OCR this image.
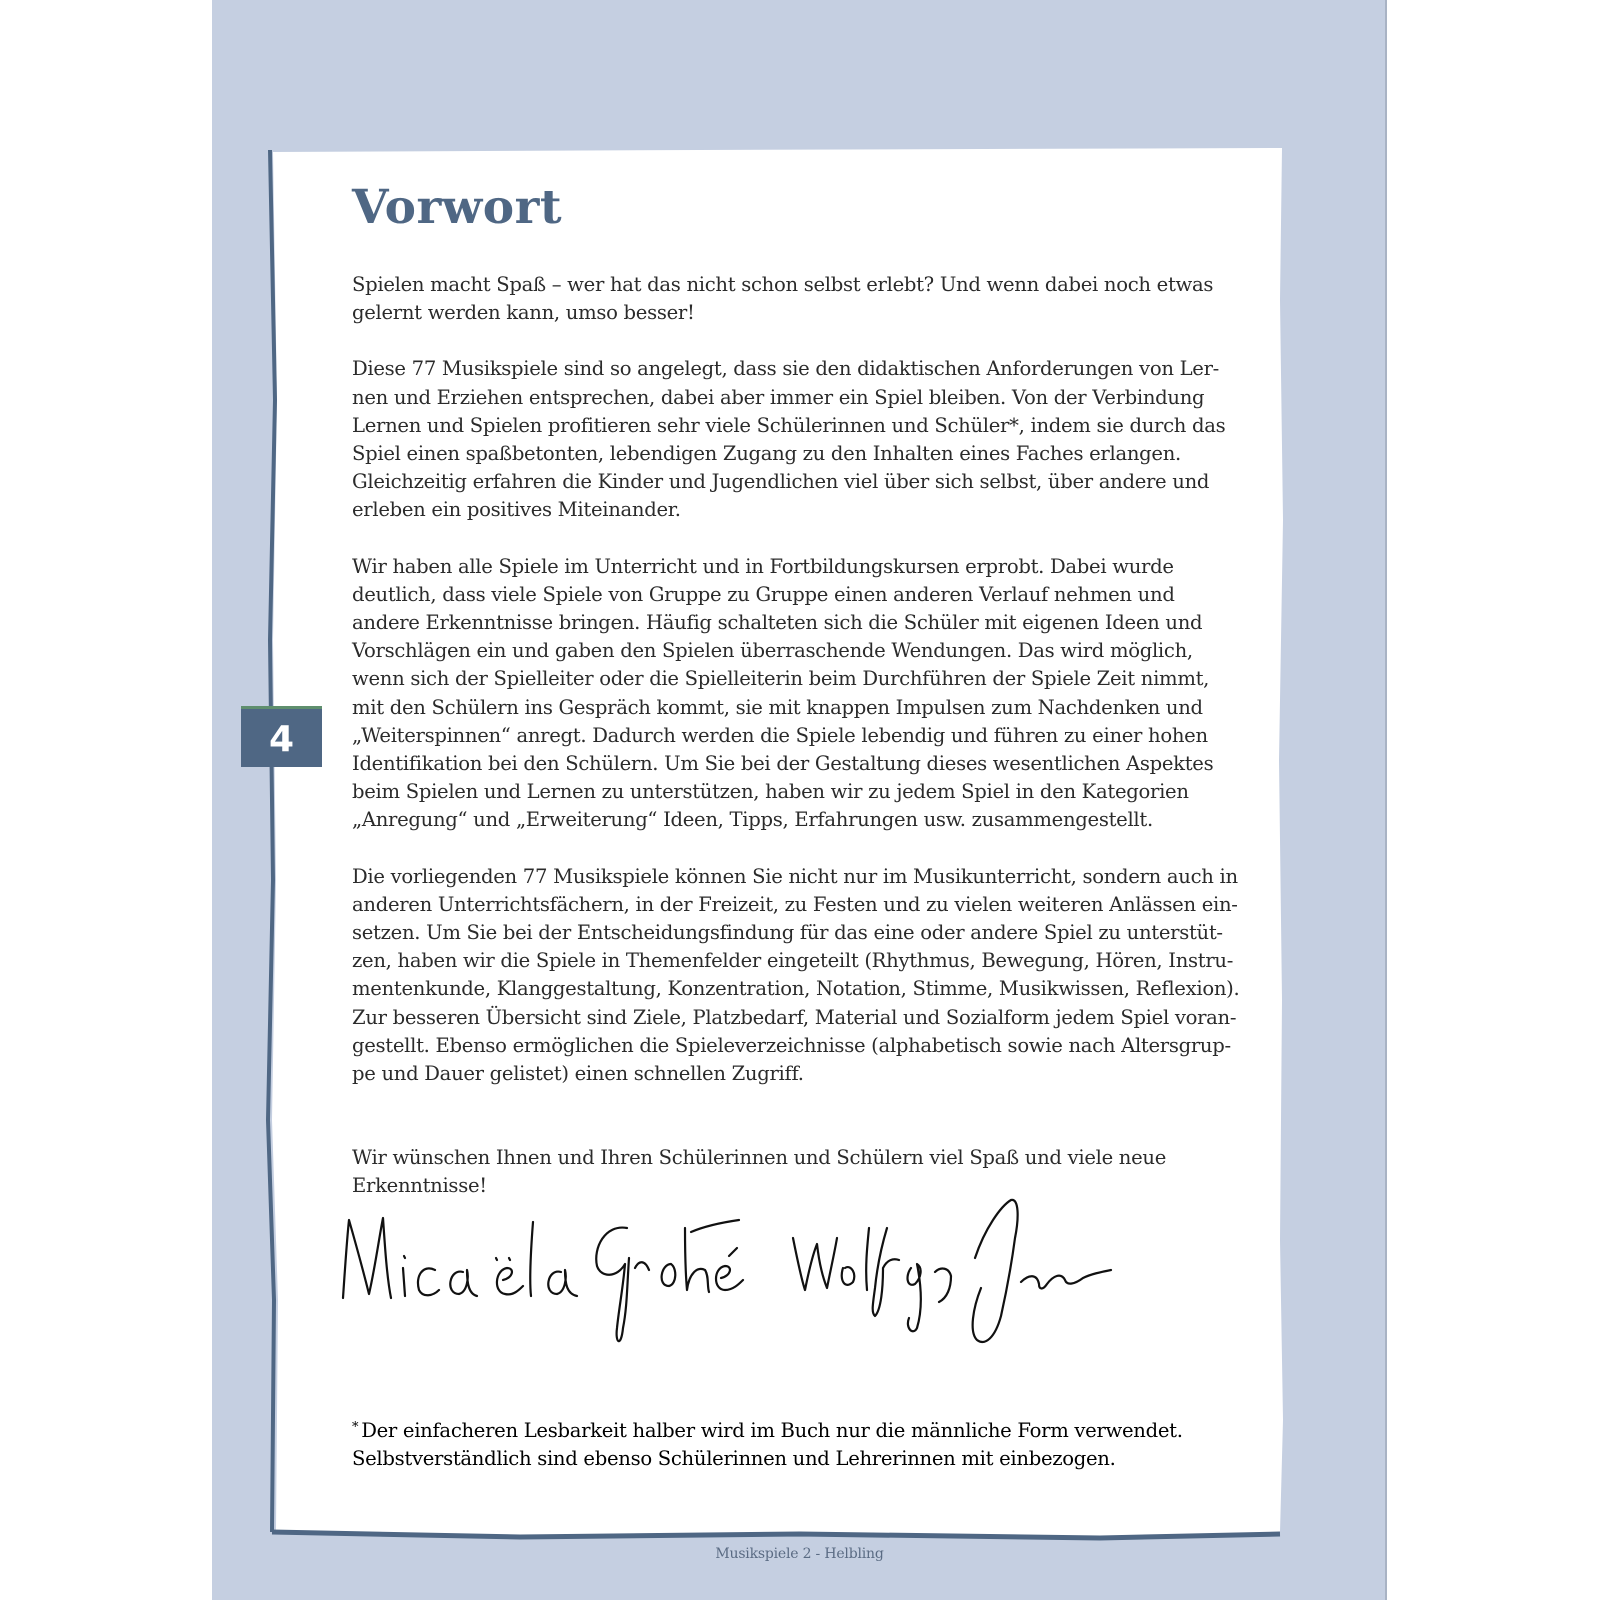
4
Vorwort

Spielen macht Spaß – wer hat das nicht schon selbst erlebt? Und wenn dabei noch etwas
gelernt werden kann, umso besser!

Diese 77 Musikspiele sind so angelegt, dass sie den didaktischen Anforderungen von Ler-
nen und Erziehen entsprechen, dabei aber immer ein Spiel bleiben. Von der Verbindung
Lernen und Spielen profitieren sehr viele Schülerinnen und Schüler*, indem sie durch das
Spiel einen spaßbetonten, lebendigen Zugang zu den Inhalten eines Faches erlangen.
Gleichzeitig erfahren die Kinder und Jugendlichen viel über sich selbst, über andere und
erleben ein positives Miteinander.

Wir haben alle Spiele im Unterricht und in Fortbildungskursen erprobt. Dabei wurde
deutlich, dass viele Spiele von Gruppe zu Gruppe einen anderen Verlauf nehmen und
andere Erkenntnisse bringen. Häufig schalteten sich die Schüler mit eigenen Ideen und
Vorschlägen ein und gaben den Spielen überraschende Wendungen. Das wird möglich,
wenn sich der Spielleiter oder die Spielleiterin beim Durchführen der Spiele Zeit nimmt,
mit den Schülern ins Gespräch kommt, sie mit knappen Impulsen zum Nachdenken und
„Weiterspinnen“ anregt. Dadurch werden die Spiele lebendig und führen zu einer hohen
Identifikation bei den Schülern. Um Sie bei der Gestaltung dieses wesentlichen Aspektes
beim Spielen und Lernen zu unterstützen, haben wir zu jedem Spiel in den Kategorien
„Anregung“ und „Erweiterung“ Ideen, Tipps, Erfahrungen usw. zusammengestellt.

Die vorliegenden 77 Musikspiele können Sie nicht nur im Musikunterricht, sondern auch in
anderen Unterrichtsfächern, in der Freizeit, zu Festen und zu vielen weiteren Anlässen ein-
setzen. Um Sie bei der Entscheidungsfindung für das eine oder andere Spiel zu unterstüt-
zen, haben wir die Spiele in Themenfelder eingeteilt (Rhythmus, Bewegung, Hören, Instru-
mentenkunde, Klanggestaltung, Konzentration, Notation, Stimme, Musikwissen, Reflexion).
Zur besseren Übersicht sind Ziele, Platzbedarf, Material und Sozialform jedem Spiel voran-
gestellt. Ebenso ermöglichen die Spieleverzeichnisse (alphabetisch sowie nach Altersgrup-
pe und Dauer gelistet) einen schnellen Zugriff.

Wir wünschen Ihnen und Ihren Schülerinnen und Schülern viel Spaß und viele neue
Erkenntnisse!

* Der einfacheren Lesbarkeit halber wird im Buch nur die männliche Form verwendet.
Selbstverständlich sind ebenso Schülerinnen und Lehrerinnen mit einbezogen.

Musikspiele 2 - Helbling
